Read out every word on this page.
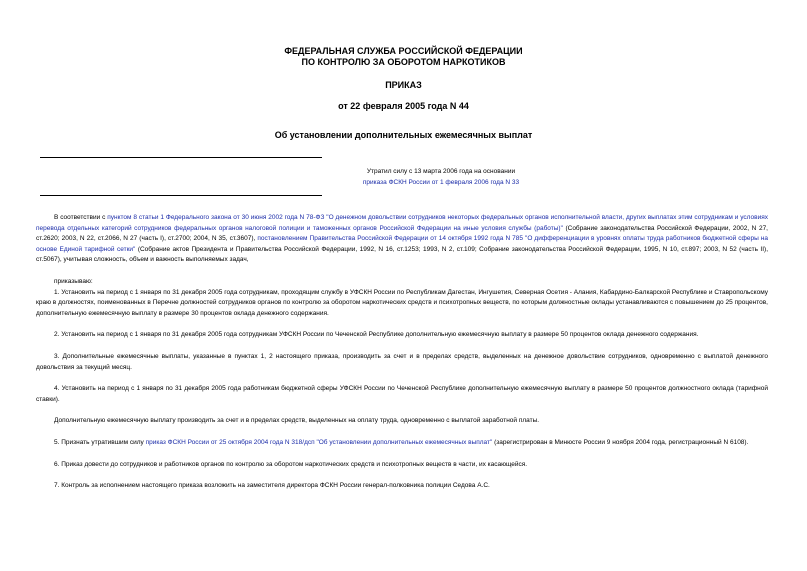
ФЕДЕРАЛЬНАЯ СЛУЖБА РОССИЙСКОЙ ФЕДЕРАЦИИ
ПО КОНТРОЛЮ ЗА ОБОРОТОМ НАРКОТИКОВ
ПРИКАЗ
от 22 февраля 2005 года N 44
Об установлении дополнительных ежемесячных выплат
Утратил силу с 13 марта 2006 года на основании
приказа ФСКН России от 1 февраля 2006 года N 33

В соответствии с пунктом 8 статьи 1 Федерального закона от 30 июня 2002 года N 78-ФЗ "О денежном довольствии сотрудников некоторых федеральных органов исполнительной власти, других выплатах этим сотрудникам и условиях перевода отдельных категорий сотрудников федеральных органов налоговой полиции и таможенных органов Российской Федерации на иные условия службы (работы)" (Собрание законодательства Российской Федерации, 2002, N 27, ст.2620; 2003, N 22, ст.2066, N 27 (часть I), ст.2700; 2004, N 35, ст.3607), постановлением Правительства Российской Федерации от 14 октября 1992 года N 785 "О дифференциации в уровнях оплаты труда работников бюджетной сферы на основе Единой тарифной сетки" (Собрание актов Президента и Правительства Российской Федерации, 1992, N 16, ст.1253; 1993, N 2, ст.109; Собрание законодательства Российской Федерации, 1995, N 10, ст.897; 2003, N 52 (часть II), ст.5067), учитывая сложность, объем и важность выполняемых задач,

приказываю:

1. Установить на период с 1 января по 31 декабря 2005 года сотрудникам, проходящим службу в УФСКН России по Республикам Дагестан, Ингушетия, Северная Осетия - Алания, Кабардино-Балкарской Республике и Ставропольскому краю в должностях, поименованных в Перечне должностей сотрудников органов по контролю за оборотом наркотических средств и психотропных веществ, по которым должностные оклады устанавливаются с повышением до 25 процентов, дополнительную ежемесячную выплату в размере 30 процентов оклада денежного содержания.

2. Установить на период с 1 января по 31 декабря 2005 года сотрудникам УФСКН России по Чеченской Республике дополнительную ежемесячную выплату в размере 50 процентов оклада денежного содержания.

3. Дополнительные ежемесячные выплаты, указанные в пунктах 1, 2 настоящего приказа, производить за счет и в пределах средств, выделенных на денежное довольствие сотрудников, одновременно с выплатой денежного довольствия за текущий месяц.

4. Установить на период с 1 января по 31 декабря 2005 года работникам бюджетной сферы УФСКН России по Чеченской Республике дополнительную ежемесячную выплату в размере 50 процентов должностного оклада (тарифной ставки).

Дополнительную ежемесячную выплату производить за счет и в пределах средств, выделенных на оплату труда, одновременно с выплатой заработной платы.

5. Признать утратившим силу приказ ФСКН России от 25 октября 2004 года N 318/дсп "Об установлении дополнительных ежемесячных выплат" (зарегистрирован в Минюсте России 9 ноября 2004 года, регистрационный N 6108).

6. Приказ довести до сотрудников и работников органов по контролю за оборотом наркотических средств и психотропных веществ в части, их касающейся.

7. Контроль за исполнением настоящего приказа возложить на заместителя директора ФСКН России генерал-полковника полиции Седова А.С.
